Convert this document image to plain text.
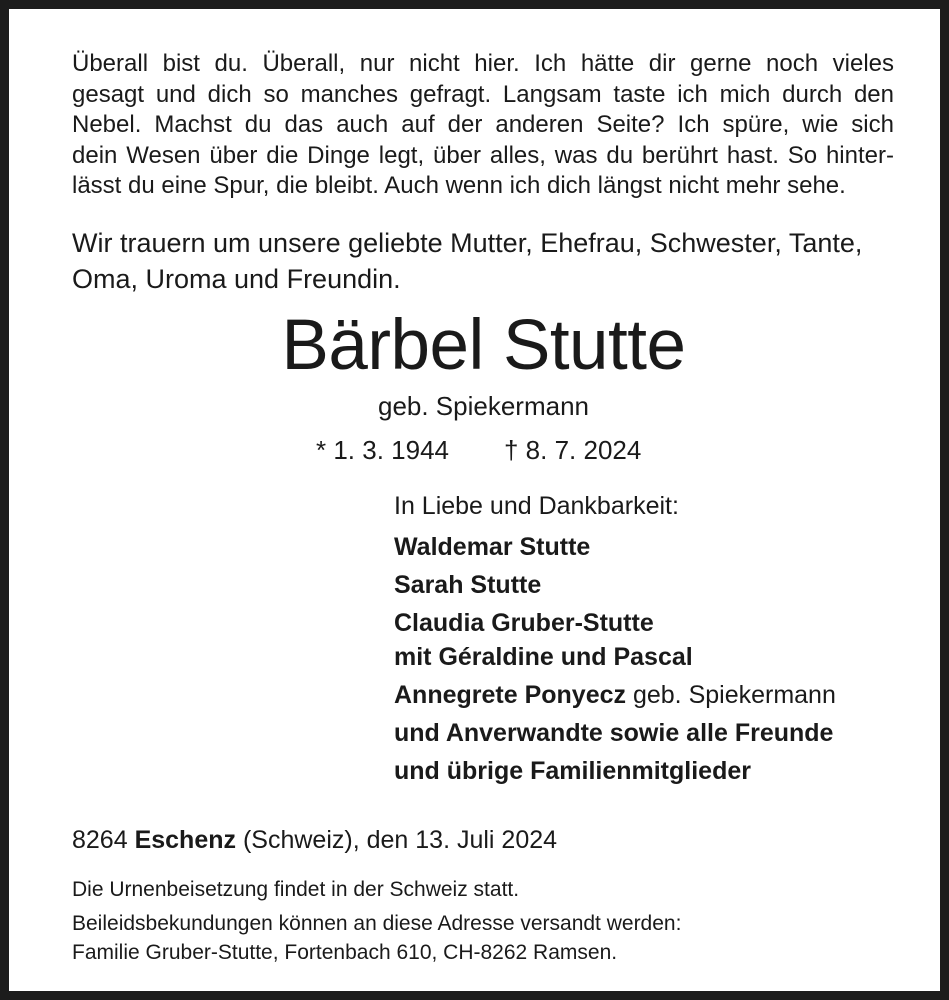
Überall bist du. Überall, nur nicht hier. Ich hätte dir gerne noch vieles
gesagt und dich so manches gefragt. Langsam taste ich mich durch den
Nebel. Machst du das auch auf der anderen Seite? Ich spüre, wie sich
dein Wesen über die Dinge legt, über alles, was du berührt hast. So hinter-
lässt du eine Spur, die bleibt. Auch wenn ich dich längst nicht mehr sehe.
Wir trauern um unsere geliebte Mutter, Ehefrau, Schwester, Tante,
Oma, Uroma und Freundin.
Bärbel Stutte

geb. Spiekermann

* 1. 3. 1944 † 8. 7. 2024
In Liebe und Dankbarkeit:
Waldemar Stutte
Sarah Stutte
Claudia Gruber-Stutte
mit Géraldine und Pascal
Annegrete Ponyecz geb. Spiekermann
und Anverwandte sowie alle Freunde
und übrige Familienmitglieder
8264 Eschenz (Schweiz), den 13. Juli 2024
Die Urnenbeisetzung findet in der Schweiz statt.
Beileidsbekundungen können an diese Adresse versandt werden:
Familie Gruber-Stutte, Fortenbach 610, CH-8262 Ramsen.
